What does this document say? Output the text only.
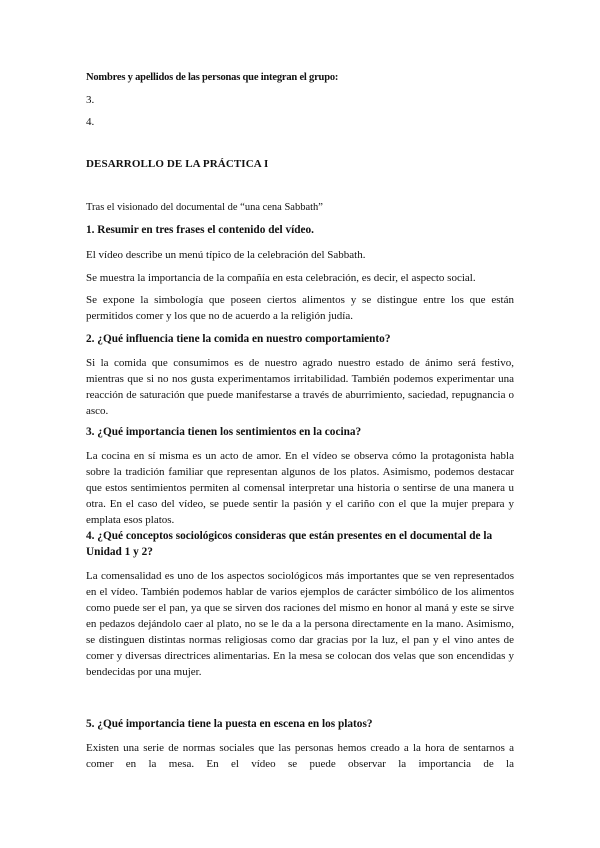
Nombres y apellidos de las personas que integran el grupo:
3.
4.
DESARROLLO DE LA PRÁCTICA I
Tras el visionado del documental de “una cena Sabbath”
1. Resumir en tres frases el contenido del vídeo.
El vídeo describe un menú típico de la celebración del Sabbath.
Se muestra la importancia de la compañía en esta celebración, es decir, el aspecto social.
Se expone la simbología que poseen ciertos alimentos y se distingue entre los que están permitidos comer y los que no de acuerdo a la religión judía.
2. ¿Qué influencia tiene la comida en nuestro comportamiento?
Si la comida que consumimos es de nuestro agrado nuestro estado de ánimo será festivo, mientras que si no nos gusta experimentamos irritabilidad. También podemos experimentar una reacción de saturación que puede manifestarse a través de aburrimiento, saciedad, repugnancia o asco.
3. ¿Qué importancia tienen los sentimientos en la cocina?
La cocina en sí misma es un acto de amor. En el vídeo se observa cómo la protagonista habla sobre la tradición familiar que representan algunos de los platos. Asimismo, podemos destacar que estos sentimientos permiten al comensal interpretar una historia o sentirse de una manera u otra. En el caso del vídeo, se puede sentir la pasión y el cariño con el que la mujer prepara y emplata esos platos.
4. ¿Qué conceptos sociológicos consideras que están presentes en el documental de la Unidad 1 y 2?
La comensalidad es uno de los aspectos sociológicos más importantes que se ven representados en el vídeo. También podemos hablar de varios ejemplos de carácter simbólico de los alimentos como puede ser el pan, ya que se sirven dos raciones del mismo en honor al maná y este se sirve en pedazos dejándolo caer al plato, no se le da a la persona directamente en la mano. Asimismo, se distinguen distintas normas religiosas como dar gracias por la luz, el pan y el vino antes de comer y diversas directrices alimentarias. En la mesa se colocan dos velas que son encendidas y bendecidas por una mujer.
5. ¿Qué importancia tiene la puesta en escena en los platos?
Existen una serie de normas sociales que las personas hemos creado a la hora de sentarnos a comer en la mesa. En el vídeo se puede observar la importancia de la
